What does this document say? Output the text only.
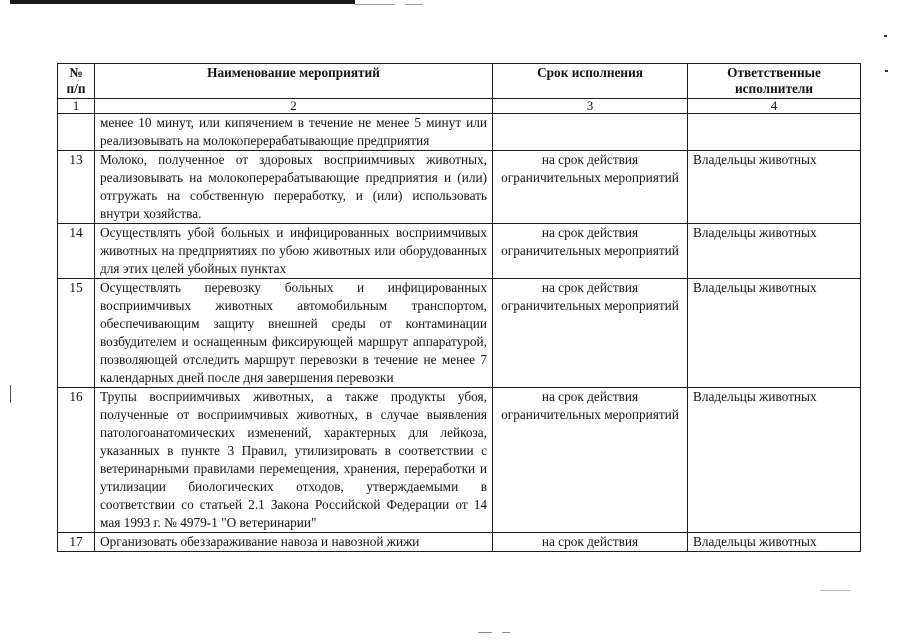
№ п/п	Наименование мероприятий	Срок исполнения	Ответственные исполнители
1	2	3	4
	менее 10 минут, или кипячением в течение не менее 5 минут или реализовывать на молокоперерабатывающие предприятия		
13	Молоко, полученное от здоровых восприимчивых животных, реализовывать на молокоперерабатывающие предприятия и (или) отгружать на собственную переработку, и (или) использовать внутри хозяйства.	на срок действия ограничительных мероприятий	Владельцы животных
14	Осуществлять убой больных и инфицированных восприимчивых животных на предприятиях по убою животных или оборудованных для этих целей убойных пунктах	на срок действия ограничительных мероприятий	Владельцы животных
15	Осуществлять перевозку больных и инфицированных восприимчивых животных автомобильным транспортом, обеспечивающим защиту внешней среды от контаминации возбудителем и оснащенным фиксирующей маршрут аппаратурой, позволяющей отследить маршрут перевозки в течение не менее 7 календарных дней после дня завершения перевозки	на срок действия ограничительных мероприятий	Владельцы животных
16	Трупы восприимчивых животных, а также продукты убоя, полученные от восприимчивых животных, в случае выявления патологоанатомических изменений, характерных для лейкоза, указанных в пункте 3 Правил, утилизировать в соответствии с ветеринарными правилами перемещения, хранения, переработки и утилизации биологических отходов, утверждаемыми в соответствии со статьей 2.1 Закона Российской Федерации от 14 мая 1993 г. № 4979-1 "О ветеринарии"	на срок действия ограничительных мероприятий	Владельцы животных
17	Организовать обеззараживание навоза и навозной жижи	на срок действия	Владельцы животных
